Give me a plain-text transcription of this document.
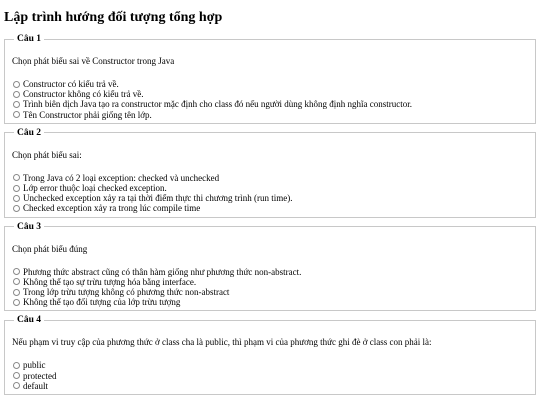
Lập trình hướng đối tượng tổng hợp
Câu 1
Chọn phát biểu sai về Constructor trong Java
Constructor có kiểu trả về.
Constructor không có kiểu trả về.
Trình biên dịch Java tạo ra constructor mặc định cho class đó nếu người dùng không định nghĩa constructor.
Tên Constructor phải giống tên lớp.
Câu 2
Chọn phát biểu sai:
Trong Java có 2 loại exception: checked và unchecked
Lớp error thuộc loại checked exception.
Unchecked exception xảy ra tại thời điểm thực thi chương trình (run time).
Checked exception xảy ra trong lúc compile time
Câu 3
Chọn phát biểu đúng
Phương thức abstract cũng có thân hàm giống như phương thức non-abstract.
Không thể tạo sự trừu tượng hóa bằng interface.
Trong lớp trừu tượng không có phương thức non-abstract
Không thể tạo đối tượng của lớp trừu tượng
Câu 4
Nếu phạm vi truy cập của phương thức ở class cha là public, thì phạm vi của phương thức ghi đè ở class con phải là:
public
protected
default
